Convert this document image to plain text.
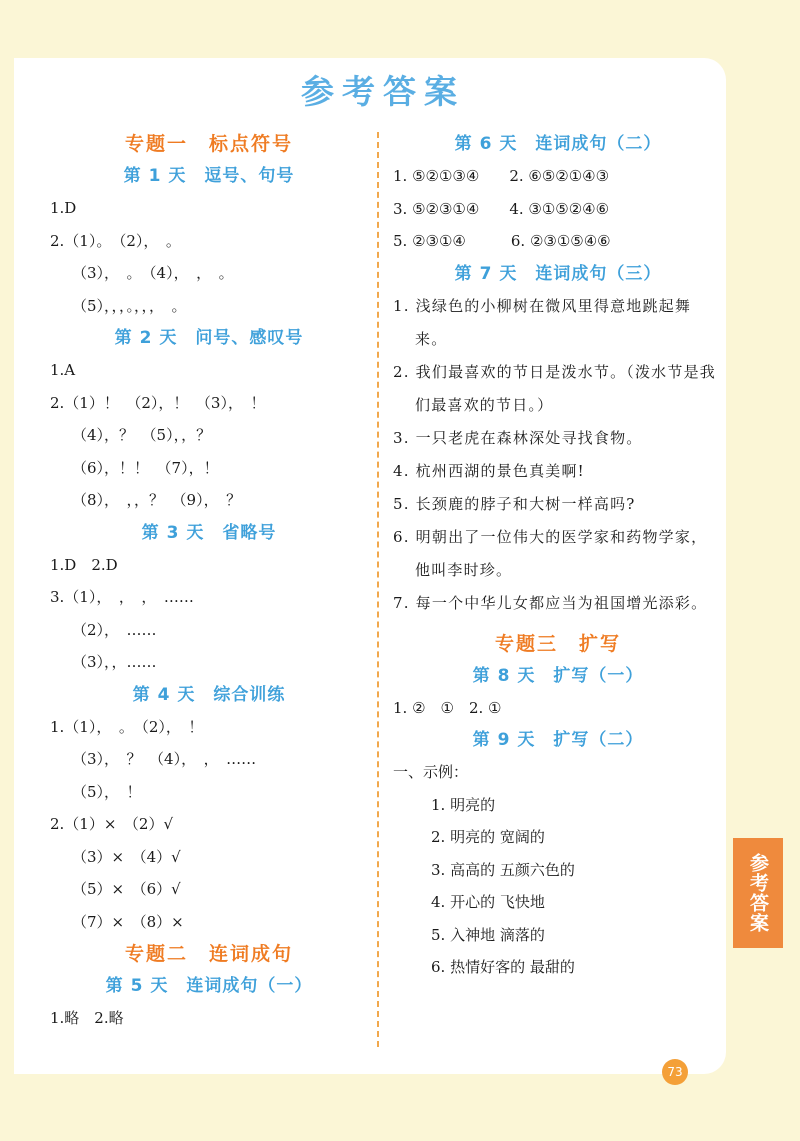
参考答案
专题一　标点符号
第 1 天　逗号、句号
1.D
2.（1）。　（2），　。
（3），　。　（4），　，　。
（5），，，。，，，　。
第 2 天　问号、感叹号
1.A
2.（1）！　（2），！　（3），　！
（4），？　（5），，？
（6），！！　（7），！
（8），　，，？　（9），　？
第 3 天　省略号
1.D　2.D
3.（1），　，　，　……
（2），　……
（3），，……
第 4 天　综合训练
1.（1），　。　（2），　！
（3），　？　（4），　，　……
（5），　！
2.（1）×　（2）√
（3）×　（4）√
（5）×　（6）√
（7）×　（8）×
专题二　连词成句
第 5 天　连词成句（一）
1.略　2.略
第 6 天　连词成句（二）
1. ⑤②①③④　　2. ⑥⑤②①④③
3. ⑤②③①④　　4. ③①⑤②④⑥
5. ②③①④　　　6. ②③①⑤④⑥
第 7 天　连词成句（三）
1. 浅绿色的小柳树在微风里得意地跳起舞来。
2. 我们最喜欢的节日是泼水节。（泼水节是我们最喜欢的节日。）
3. 一只老虎在森林深处寻找食物。
4. 杭州西湖的景色真美啊!
5. 长颈鹿的脖子和大树一样高吗?
6. 明朝出了一位伟大的医学家和药物学家，他叫李时珍。
7. 每一个中华儿女都应当为祖国增光添彩。
专题三　扩写
第 8 天　扩写（一）
1. ②　①　2. ①
第 9 天　扩写（二）
一、示例：
1. 明亮的
2. 明亮的 宽阔的
3. 高高的 五颜六色的
4. 开心的 飞快地
5. 入神地 滴落的
6. 热情好客的 最甜的
参考答案
73
